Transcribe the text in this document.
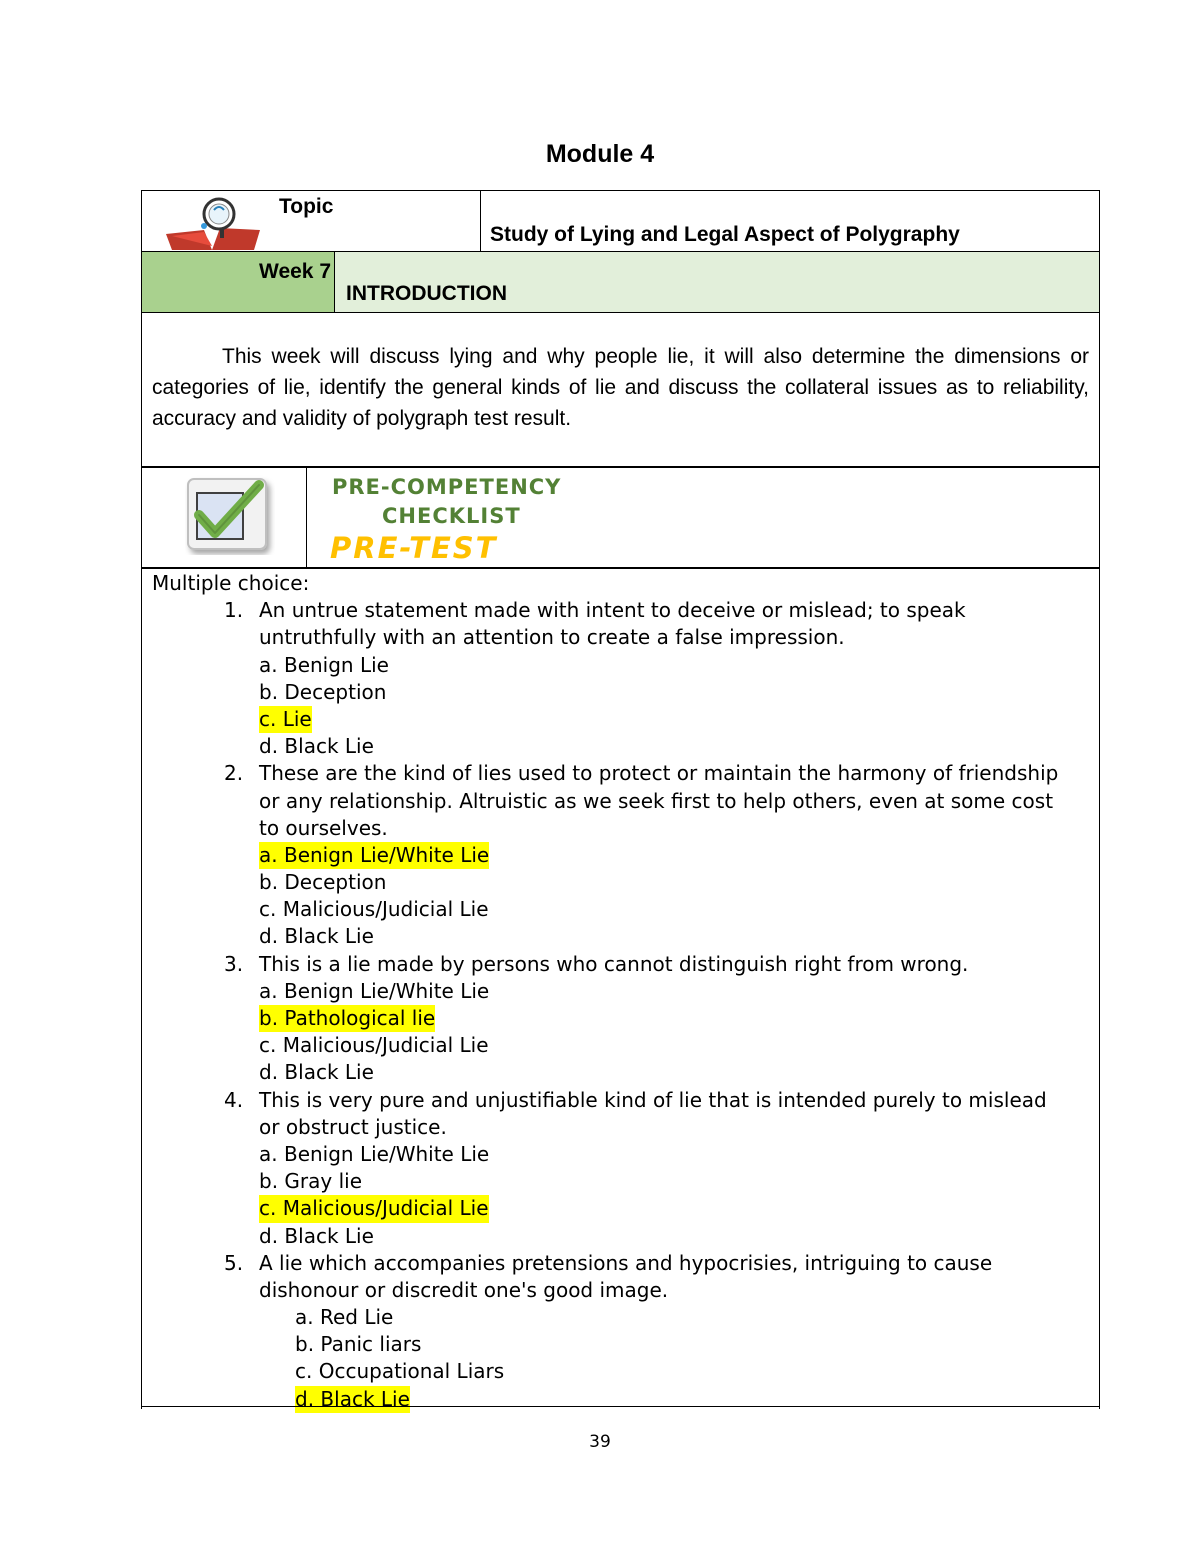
Module 4
Topic
Study of Lying and Legal Aspect of Polygraphy
Week 7
INTRODUCTION
This week will discuss lying and why people lie, it will also determine the dimensions or categories of lie, identify the general kinds of lie and discuss the collateral issues as to reliability, accuracy and validity of polygraph test result.
PRE-COMPETENCY
CHECKLIST
PRE-TEST
Multiple choice:
1. An untrue statement made with intent to deceive or mislead; to speak
untruthfully with an attention to create a false impression.
a. Benign Lie
b. Deception
c. Lie
d. Black Lie
2. These are the kind of lies used to protect or maintain the harmony of friendship
or any relationship. Altruistic as we seek first to help others, even at some cost
to ourselves.
a. Benign Lie/White Lie
b. Deception
c. Malicious/Judicial Lie
d. Black Lie
3. This is a lie made by persons who cannot distinguish right from wrong.
a. Benign Lie/White Lie
b. Pathological lie
c. Malicious/Judicial Lie
d. Black Lie
4. This is very pure and unjustifiable kind of lie that is intended purely to mislead
or obstruct justice.
a. Benign Lie/White Lie
b. Gray lie
c. Malicious/Judicial Lie
d. Black Lie
5. A lie which accompanies pretensions and hypocrisies, intriguing to cause
dishonour or discredit one's good image.
a. Red Lie
b. Panic liars
c. Occupational Liars
d. Black Lie
39
